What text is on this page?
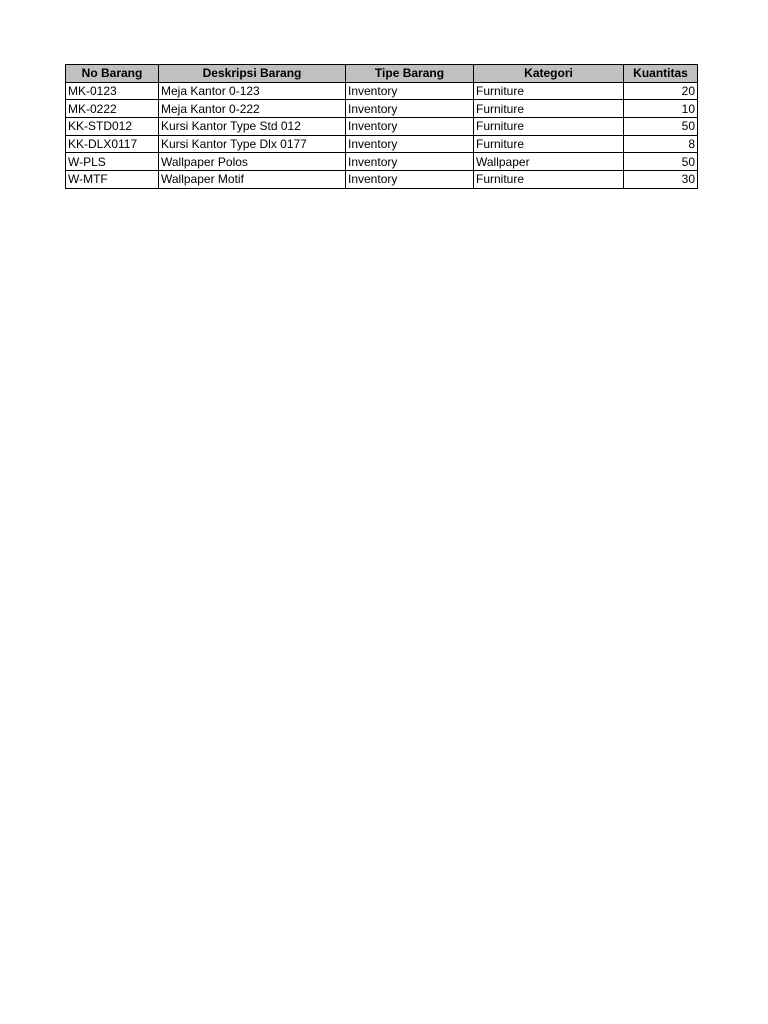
No Barang	Deskripsi Barang	Tipe Barang	Kategori	Kuantitas
MK-0123	Meja Kantor 0-123	Inventory	Furniture	20
MK-0222	Meja Kantor 0-222	Inventory	Furniture	10
KK-STD012	Kursi Kantor Type Std 012	Inventory	Furniture	50
KK-DLX0117	Kursi Kantor Type Dlx 0177	Inventory	Furniture	8
W-PLS	Wallpaper Polos	Inventory	Wallpaper	50
W-MTF	Wallpaper Motif	Inventory	Furniture	30
